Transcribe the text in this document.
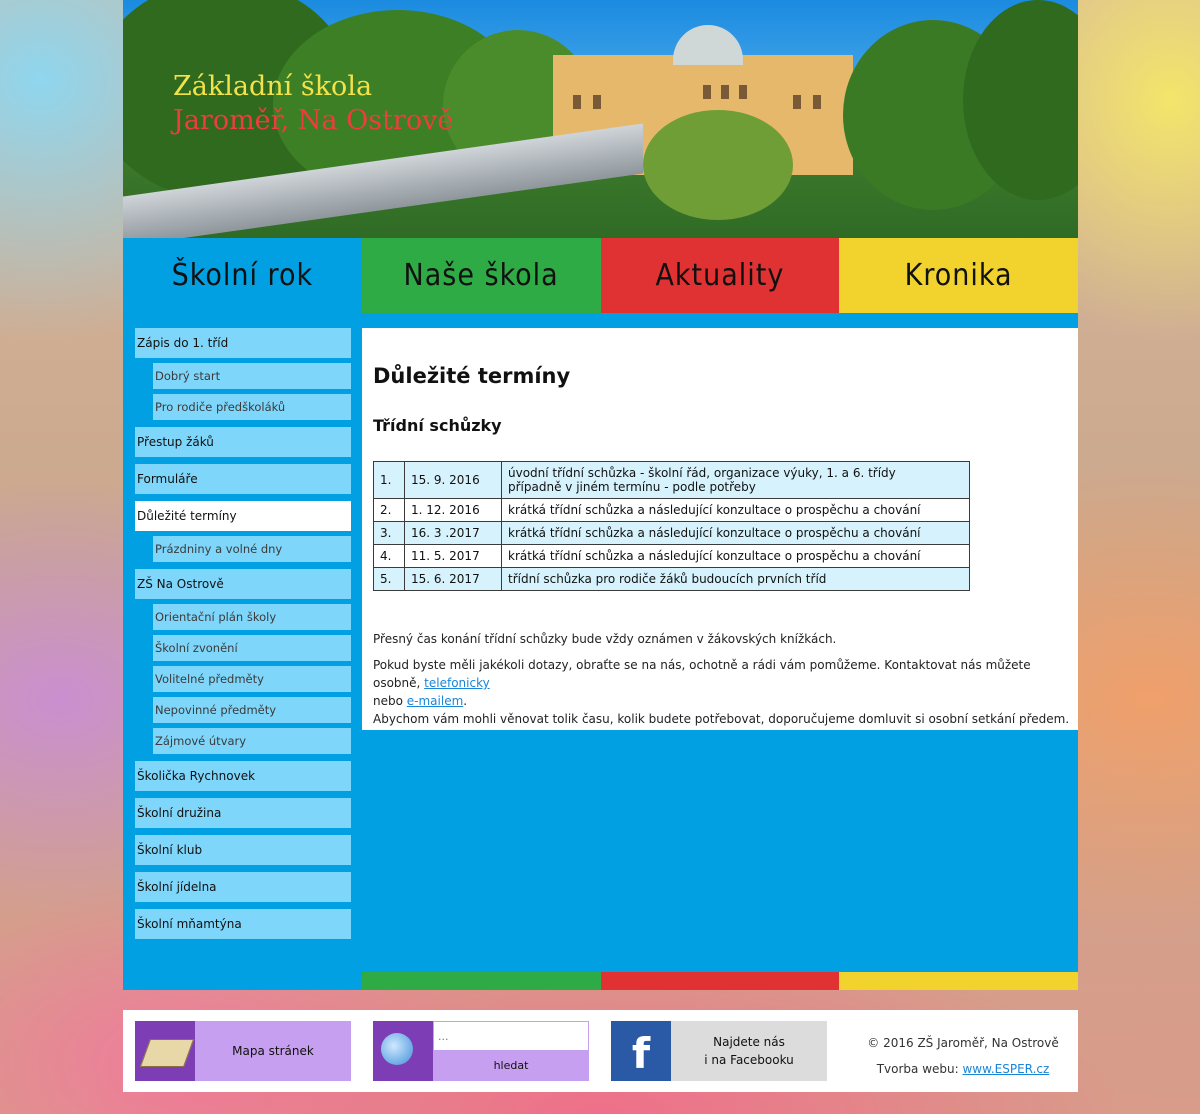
Základní škola
Jaroměř, Na Ostrově
Školní rok	Naše škola	Aktuality	Kronika
Zápis do 1. tříd
Dobrý start
Pro rodiče předškoláků
Přestup žáků
Formuláře
Důležité termíny
Prázdniny a volné dny
ZŠ Na Ostrově
Orientační plán školy
Školní zvonění
Volitelné předměty
Nepovinné předměty
Zájmové útvary
Školička Rychnovek
Školní družina
Školní klub
Školní jídelna
Školní mňamtýna
Důležité termíny
Třídní schůzky
1.	15. 9. 2016	úvodní třídní schůzka - školní řád, organizace výuky, 1. a 6. třídy
případně v jiném termínu - podle potřeby

2.	1. 12. 2016	krátká třídní schůzka a následující konzultace o prospěchu a chování
3.	16. 3 .2017	krátká třídní schůzka a následující konzultace o prospěchu a chování
4.	11. 5. 2017	krátká třídní schůzka a následující konzultace o prospěchu a chování
5.	15. 6. 2017	třídní schůzka pro rodiče žáků budoucích prvních tříd
Přesný čas konání třídní schůzky bude vždy oznámen v žákovských knížkách.
Pokud byste měli jakékoli dotazy, obraťte se na nás, ochotně a rádi vám pomůžeme. Kontaktovat nás můžete osobně, telefonicky
nebo e-mailem.
Abychom vám mohli věnovat tolik času, kolik budete potřebovat, doporučujeme domluvit si osobní setkání předem.
Mapa stránek
...
hledat	f	Najdete nás
i na Facebooku
© 2016 ZŠ Jaroměř, Na Ostrově
Tvorba webu: www.ESPER.cz
